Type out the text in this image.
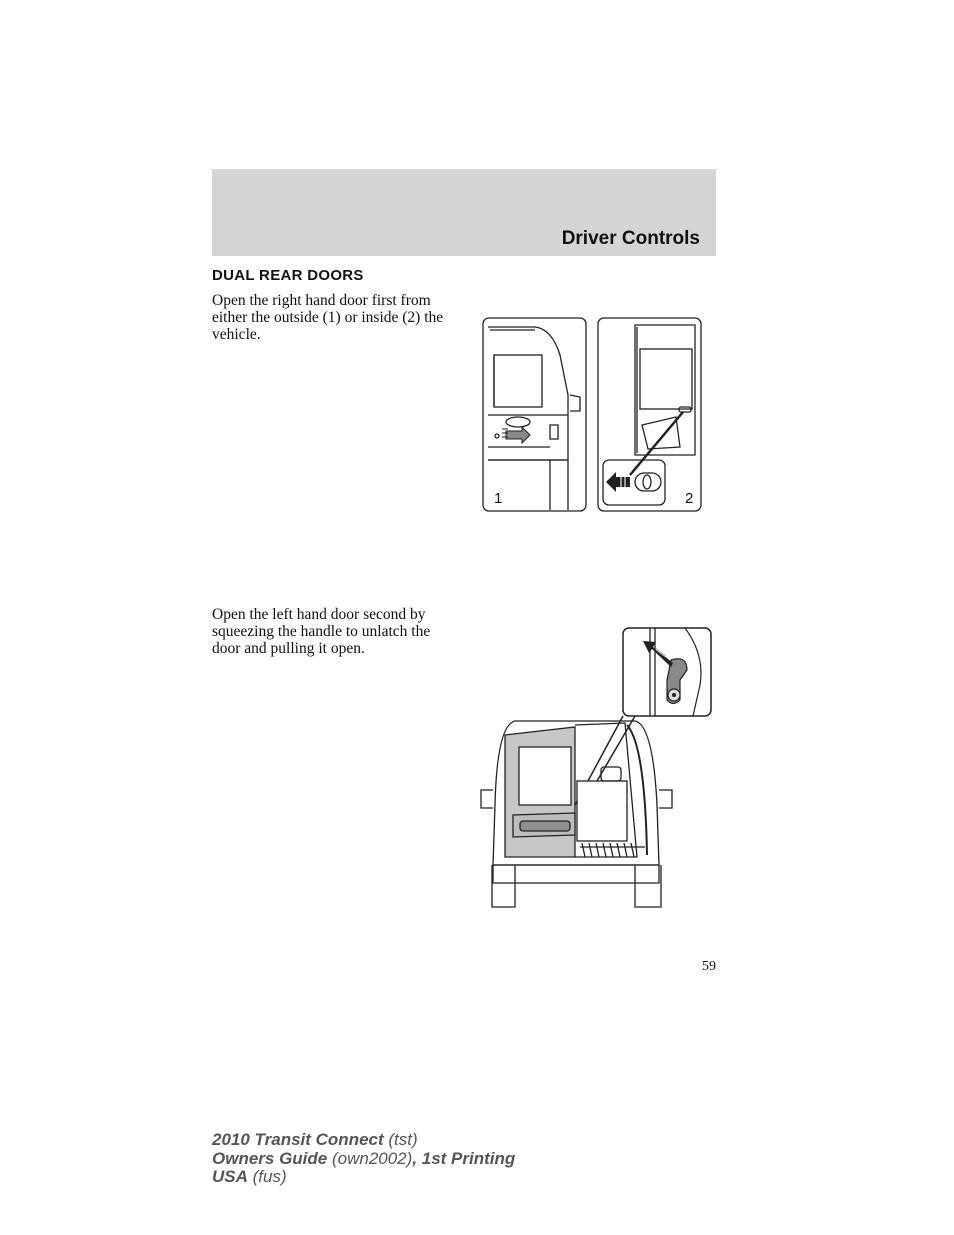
Driver Controls
DUAL REAR DOORS
Open the right hand door first from either the outside (1) or inside (2) the vehicle.
Open the left hand door second by squeezing the handle to unlatch the door and pulling it open.
1	2
59
2010 Transit Connect (tst)
Owners Guide (own2002), 1st Printing
USA (fus)
